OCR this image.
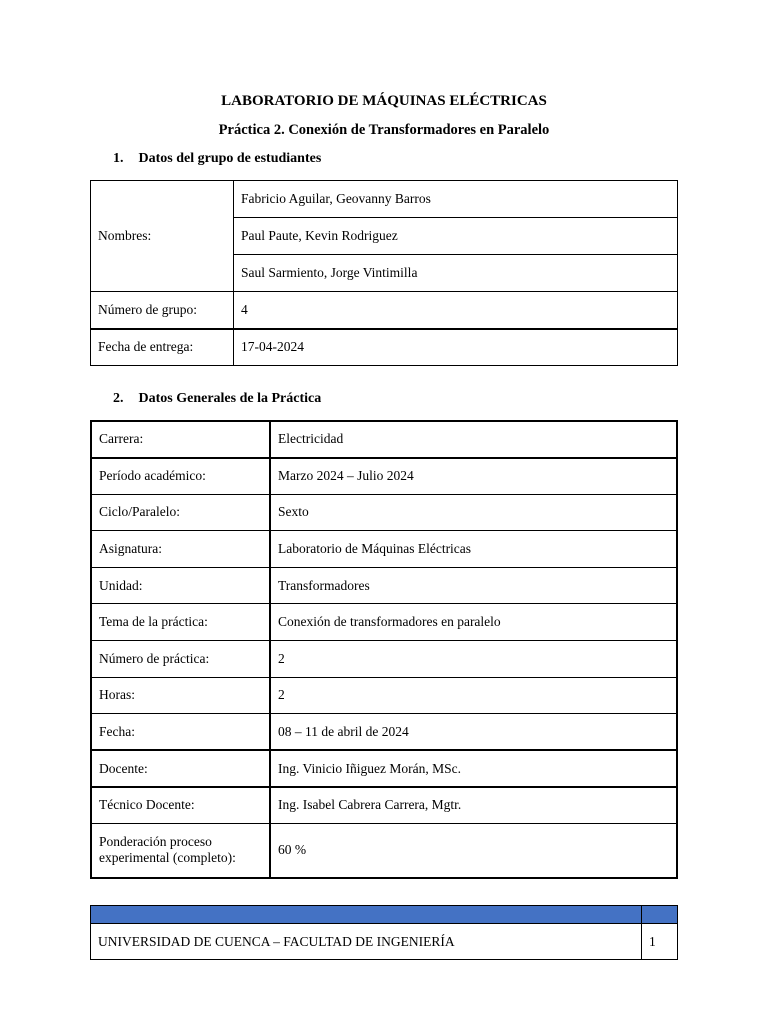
LABORATORIO DE MÁQUINAS ELÉCTRICAS
Práctica 2. Conexión de Transformadores en Paralelo
1. Datos del grupo de estudiantes
Nombres:	Fabricio Aguilar, Geovanny Barros
	Paul Paute, Kevin Rodriguez
	Saul Sarmiento, Jorge Vintimilla
Número de grupo:	4
Fecha de entrega:	17-04-2024
2. Datos Generales de la Práctica
Carrera:	Electricidad
Período académico:	Marzo 2024 – Julio 2024
Ciclo/Paralelo:	Sexto
Asignatura:	Laboratorio de Máquinas Eléctricas
Unidad:	Transformadores
Tema de la práctica:	Conexión de transformadores en paralelo
Número de práctica:	2
Horas:	2
Fecha:	08 – 11 de abril de 2024
Docente:	Ing. Vinicio Iñiguez Morán, MSc.
Técnico Docente:	Ing. Isabel Cabrera Carrera, Mgtr.
Ponderación proceso experimental (completo):	60 %

UNIVERSIDAD DE CUENCA – FACULTAD DE INGENIERÍA	1
